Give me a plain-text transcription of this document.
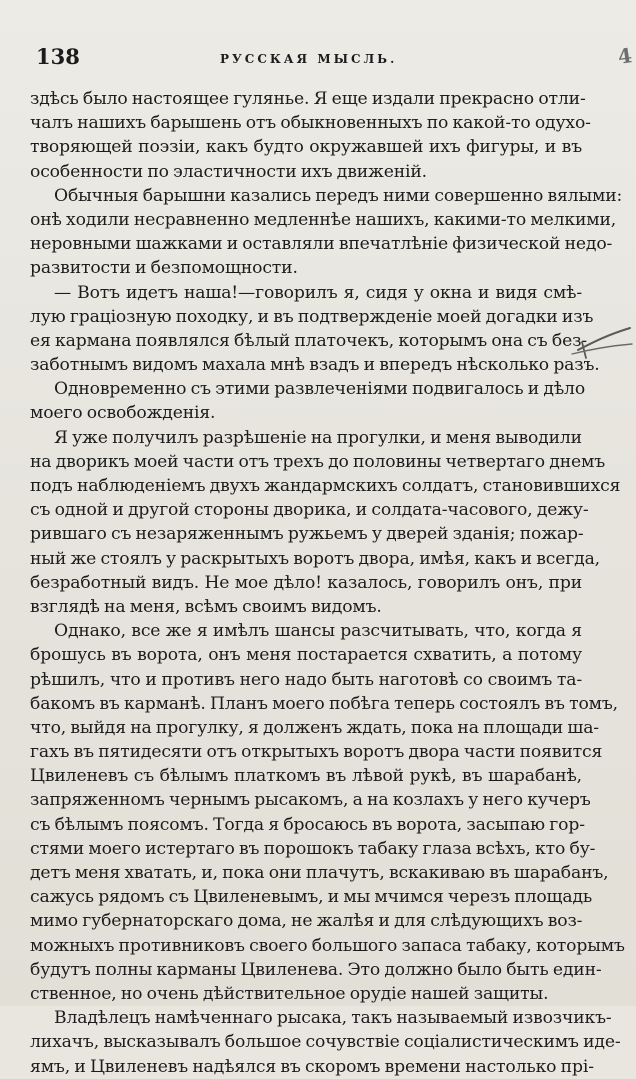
138	РУССКАЯ МЫСЛЬ.	4
здѣсь было настоящее гулянье. Я еще издали прекрасно отли-
чалъ нашихъ барышень отъ обыкновенныхъ по какой-то одухо-
творяющей поэзіи, какъ будто окружавшей ихъ фигуры, и въ
особенности по эластичности ихъ движеній.
Обычныя барышни казались передъ ними совершенно вялыми:
онѣ ходили несравненно медленнѣе нашихъ, какими-то мелкими,
неровными шажками и оставляли впечатлѣніе физической недо-
развитости и безпомощности.
— Вотъ идетъ наша!—говорилъ я, сидя у окна и видя смѣ-
лую граціозную походку, и въ подтвержденіе моей догадки изъ
ея кармана появлялся бѣлый платочекъ, которымъ она съ без-
заботнымъ видомъ махала мнѣ взадъ и впередъ нѣсколько разъ.
Одновременно съ этими развлеченіями подвигалось и дѣло
моего освобожденія.
Я уже получилъ разрѣшеніе на прогулки, и меня выводили
на дворикъ моей части отъ трехъ до половины четвертаго днемъ
подъ наблюденіемъ двухъ жандармскихъ солдатъ, становившихся
съ одной и другой стороны дворика, и солдата-часового, дежу-
рившаго съ незаряженнымъ ружьемъ у дверей зданія; пожар-
ный же стоялъ у раскрытыхъ воротъ двора, имѣя, какъ и всегда,
безработный видъ. Не мое дѣло! казалось, говорилъ онъ, при
взглядѣ на меня, всѣмъ своимъ видомъ.
Однако, все же я имѣлъ шансы разсчитывать, что, когда я
брошусь въ ворота, онъ меня постарается схватить, а потому
рѣшилъ, что и противъ него надо быть наготовѣ со своимъ та-
бакомъ въ карманѣ. Планъ моего побѣга теперь состоялъ въ томъ,
что, выйдя на прогулку, я долженъ ждать, пока на площади ша-
гахъ въ пятидесяти отъ открытыхъ воротъ двора части появится
Цвиленевъ съ бѣлымъ платкомъ въ лѣвой рукѣ, въ шарабанѣ,
запряженномъ чернымъ рысакомъ, а на козлахъ у него кучеръ
съ бѣлымъ поясомъ. Тогда я бросаюсь въ ворота, засыпаю гор-
стями моего истертаго въ порошокъ табаку глаза всѣхъ, кто бу-
детъ меня хватать, и, пока они плачутъ, вскакиваю въ шарабанъ,
сажусь рядомъ съ Цвиленевымъ, и мы мчимся черезъ площадь
мимо губернаторскаго дома, не жалѣя и для слѣдующихъ воз-
можныхъ противниковъ своего большого запаса табаку, которымъ
будутъ полны карманы Цвиленева. Это должно было быть един-
ственное, но очень дѣйствительное орудіе нашей защиты.
Владѣлецъ намѣченнаго рысака, такъ называемый извозчикъ-
лихачъ, высказывалъ большое сочувствіе соціалистическимъ иде-
ямъ, и Цвиленевъ надѣялся въ скоромъ времени настолько прі-
